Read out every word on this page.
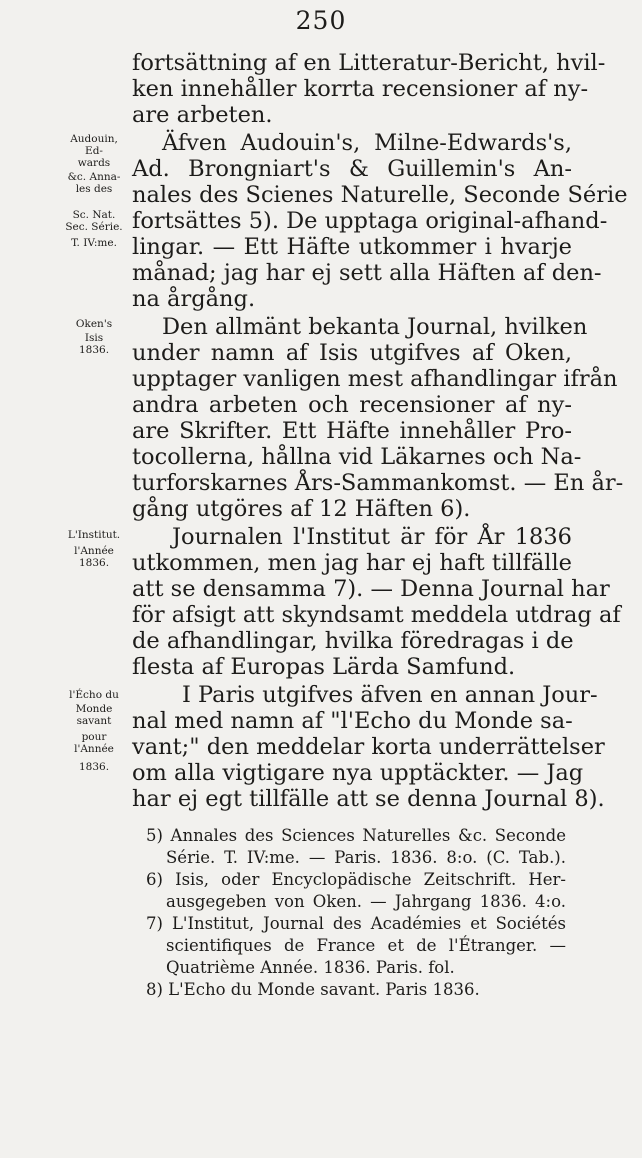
250
fortsättning af en Litteratur-Bericht, hvil-
ken innehåller korrta recensioner af ny-
are arbeten.
Äfven Audouin's, Milne-Edwards's,
Ad. Brongniart's & Guillemin's An-
nales des Scienes Naturelle, Seconde Série
fortsättes 5). De upptaga original-afhand-
lingar. — Ett Häfte utkommer i hvarje
månad; jag har ej sett alla Häften af den-
na årgång.
Den allmänt bekanta Journal, hvilken
under namn af Isis utgifves af Oken,
upptager vanligen mest afhandlingar ifrån
andra arbeten och recensioner af ny-
are Skrifter. Ett Häfte innehåller Pro-
tocollerna, hållna vid Läkarnes och Na-
turforskarnes Års-Sammankomst. — En år-
gång utgöres af 12 Häften 6).
Journalen l'Institut är för År 1836
utkommen, men jag har ej haft tillfälle
att se densamma 7). — Denna Journal har
för afsigt att skyndsamt meddela utdrag af
de afhandlingar, hvilka föredragas i de
flesta af Europas Lärda Samfund.
I Paris utgifves äfven en annan Jour-
nal med namn af "l'Echo du Monde sa-
vant;" den meddelar korta underrättelser
om alla vigtigare nya upptäckter. — Jag
har ej egt tillfälle att se denna Journal 8).
Audouin,
Ed-
wards
&c. Anna-
les des
Sc. Nat.
Sec. Série.
T. IV:me.
Oken's
Isis
1836.
L'Institut.
l'Année
1836.
l'Écho du
Monde
savant
pour
l'Année
1836.
5) Annales des Sciences Naturelles &c. Seconde
Série. T. IV:me. — Paris. 1836. 8:o. (C. Tab.).
6) Isis, oder Encyclopädische Zeitschrift. Her-
ausgegeben von Oken. — Jahrgang 1836. 4:o.
7) L'Institut, Journal des Académies et Sociétés
scientifiques de France et de l'Étranger. —
Quatrième Année. 1836. Paris. fol.
8) L'Echo du Monde savant. Paris 1836.
